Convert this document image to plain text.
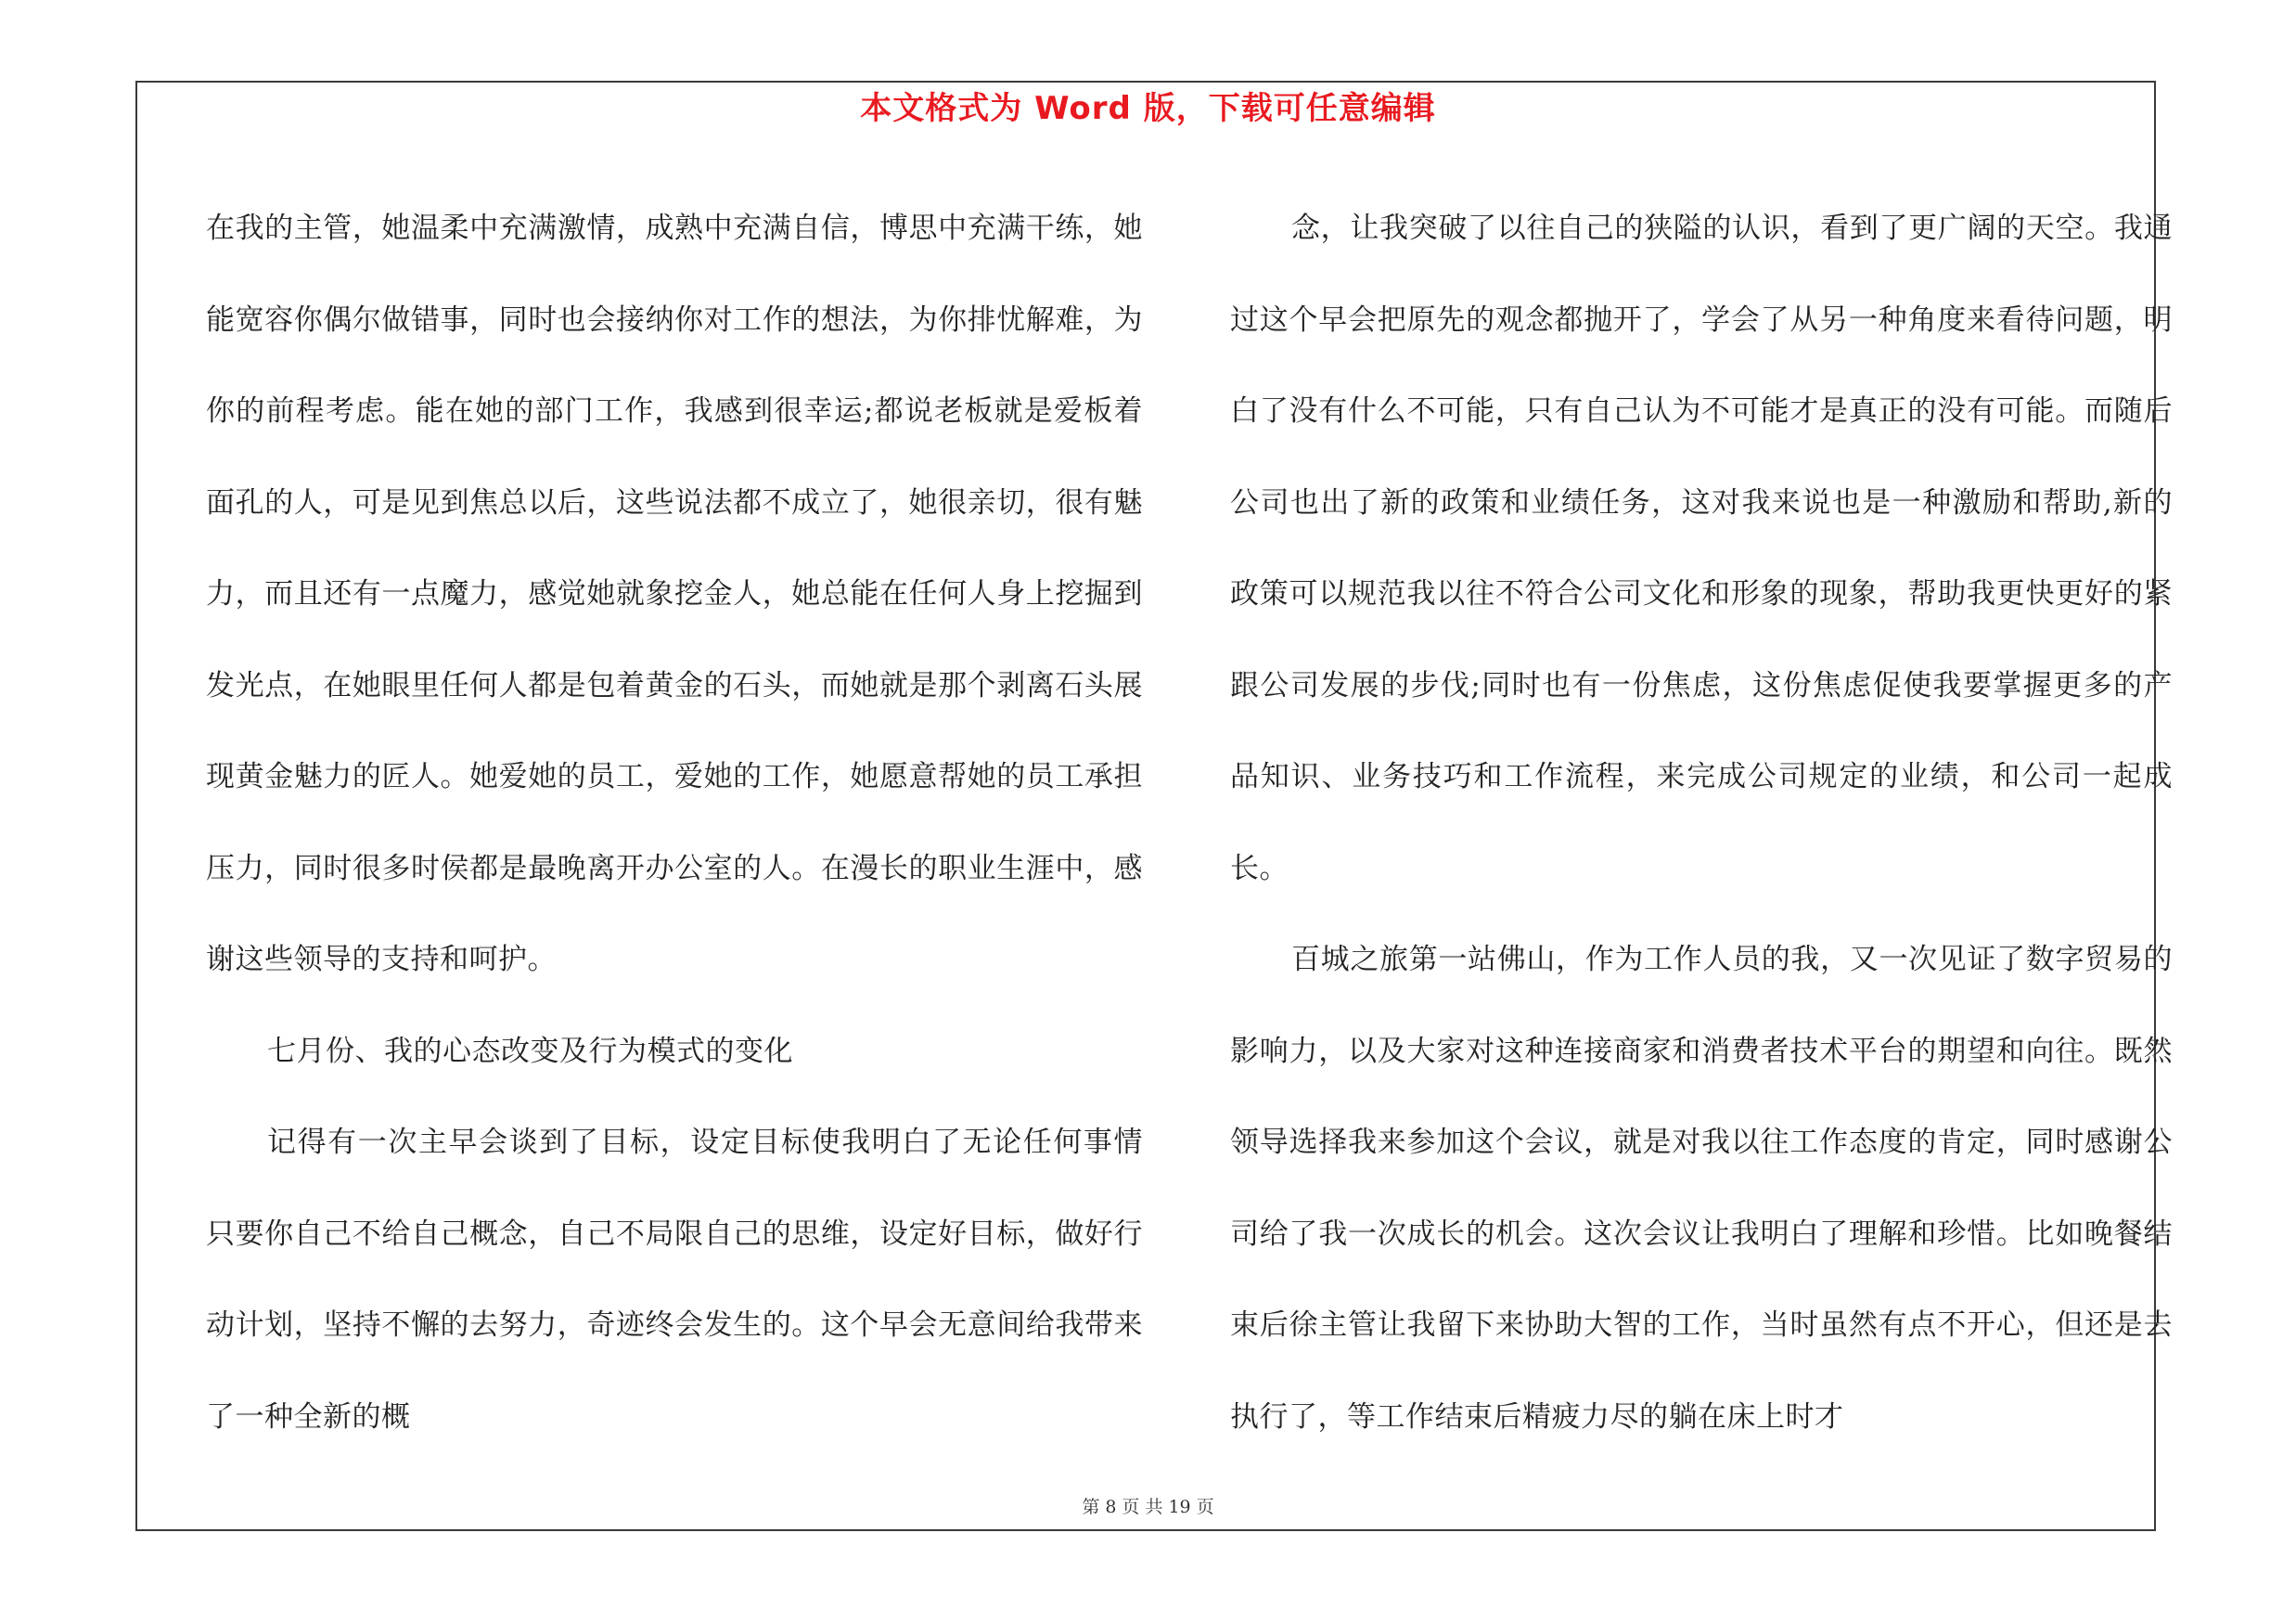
本文格式为 Word 版，下载可任意编辑

在我的主管，她温柔中充满激情，成熟中充满自信，博思中充满干练，她能宽容你偶尔做错事，同时也会接纳你对工作的想法，为你排忧解难，为你的前程考虑。能在她的部门工作，我感到很幸运;都说老板就是爱板着面孔的人，可是见到焦总以后，这些说法都不成立了，她很亲切，很有魅力，而且还有一点魔力，感觉她就象挖金人，她总能在任何人身上挖掘到发光点，在她眼里任何人都是包着黄金的石头，而她就是那个剥离石头展现黄金魅力的匠人。她爱她的员工，爱她的工作，她愿意帮她的员工承担压力，同时很多时侯都是最晚离开办公室的人。在漫长的职业生涯中，感谢这些领导的支持和呵护。

七月份、我的心态改变及行为模式的变化

记得有一次主早会谈到了目标，设定目标使我明白了无论任何事情只要你自己不给自己概念，自己不局限自己的思维，设定好目标，做好行动计划，坚持不懈的去努力，奇迹终会发生的。这个早会无意间给我带来了一种全新的概

念，让我突破了以往自己的狭隘的认识，看到了更广阔的天空。我通过这个早会把原先的观念都抛开了，学会了从另一种角度来看待问题，明白了没有什么不可能，只有自己认为不可能才是真正的没有可能。而随后公司也出了新的政策和业绩任务，这对我来说也是一种激励和帮助,新的政策可以规范我以往不符合公司文化和形象的现象，帮助我更快更好的紧跟公司发展的步伐;同时也有一份焦虑，这份焦虑促使我要掌握更多的产品知识、业务技巧和工作流程，来完成公司规定的业绩，和公司一起成长。

百城之旅第一站佛山，作为工作人员的我，又一次见证了数字贸易的影响力，以及大家对这种连接商家和消费者技术平台的期望和向往。既然领导选择我来参加这个会议，就是对我以往工作态度的肯定，同时感谢公司给了我一次成长的机会。这次会议让我明白了理解和珍惜。比如晚餐结束后徐主管让我留下来协助大智的工作，当时虽然有点不开心，但还是去执行了，等工作结束后精疲力尽的躺在床上时才

第 8 页 共 19 页
